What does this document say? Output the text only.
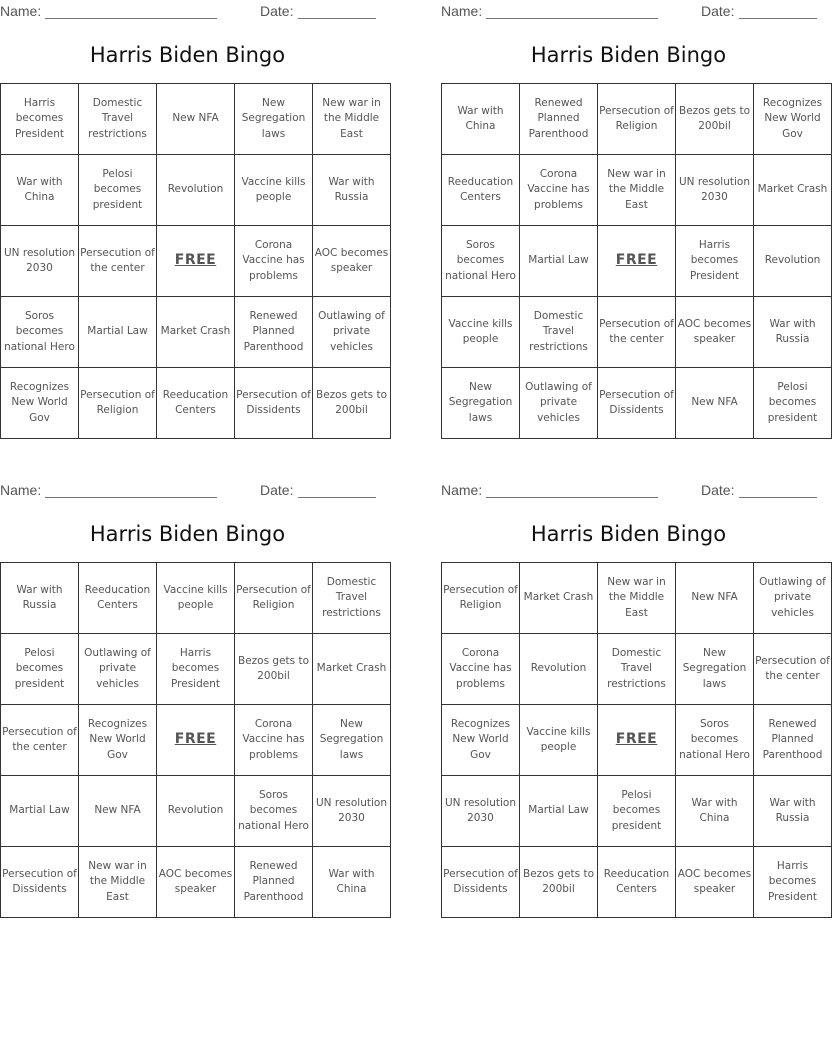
Name:	Date:
Harris Biden Bingo
Harris becomes President	Domestic Travel restrictions	New NFA	New Segregation laws	New war in the Middle East
War with China	Pelosi becomes president	Revolution	Vaccine kills people	War with Russia
UN resolution 2030	Persecution of the center	FREE	Corona Vaccine has problems	AOC becomes speaker
Soros becomes national Hero	Martial Law	Market Crash	Renewed Planned Parenthood	Outlawing of private vehicles
Recognizes New World Gov	Persecution of Religion	Reeducation Centers	Persecution of Dissidents	Bezos gets to 200bil
Name:	Date:
Harris Biden Bingo
War with China	Renewed Planned Parenthood	Persecution of Religion	Bezos gets to 200bil	Recognizes New World Gov
Reeducation Centers	Corona Vaccine has problems	New war in the Middle East	UN resolution 2030	Market Crash
Soros becomes national Hero	Martial Law	FREE	Harris becomes President	Revolution
Vaccine kills people	Domestic Travel restrictions	Persecution of the center	AOC becomes speaker	War with Russia
New Segregation laws	Outlawing of private vehicles	Persecution of Dissidents	New NFA	Pelosi becomes president
Name:	Date:
Harris Biden Bingo
War with Russia	Reeducation Centers	Vaccine kills people	Persecution of Religion	Domestic Travel restrictions
Pelosi becomes president	Outlawing of private vehicles	Harris becomes President	Bezos gets to 200bil	Market Crash
Persecution of the center	Recognizes New World Gov	FREE	Corona Vaccine has problems	New Segregation laws
Martial Law	New NFA	Revolution	Soros becomes national Hero	UN resolution 2030
Persecution of Dissidents	New war in the Middle East	AOC becomes speaker	Renewed Planned Parenthood	War with China
Name:	Date:
Harris Biden Bingo
Persecution of Religion	Market Crash	New war in the Middle East	New NFA	Outlawing of private vehicles
Corona Vaccine has problems	Revolution	Domestic Travel restrictions	New Segregation laws	Persecution of the center
Recognizes New World Gov	Vaccine kills people	FREE	Soros becomes national Hero	Renewed Planned Parenthood
UN resolution 2030	Martial Law	Pelosi becomes president	War with China	War with Russia
Persecution of Dissidents	Bezos gets to 200bil	Reeducation Centers	AOC becomes speaker	Harris becomes President
